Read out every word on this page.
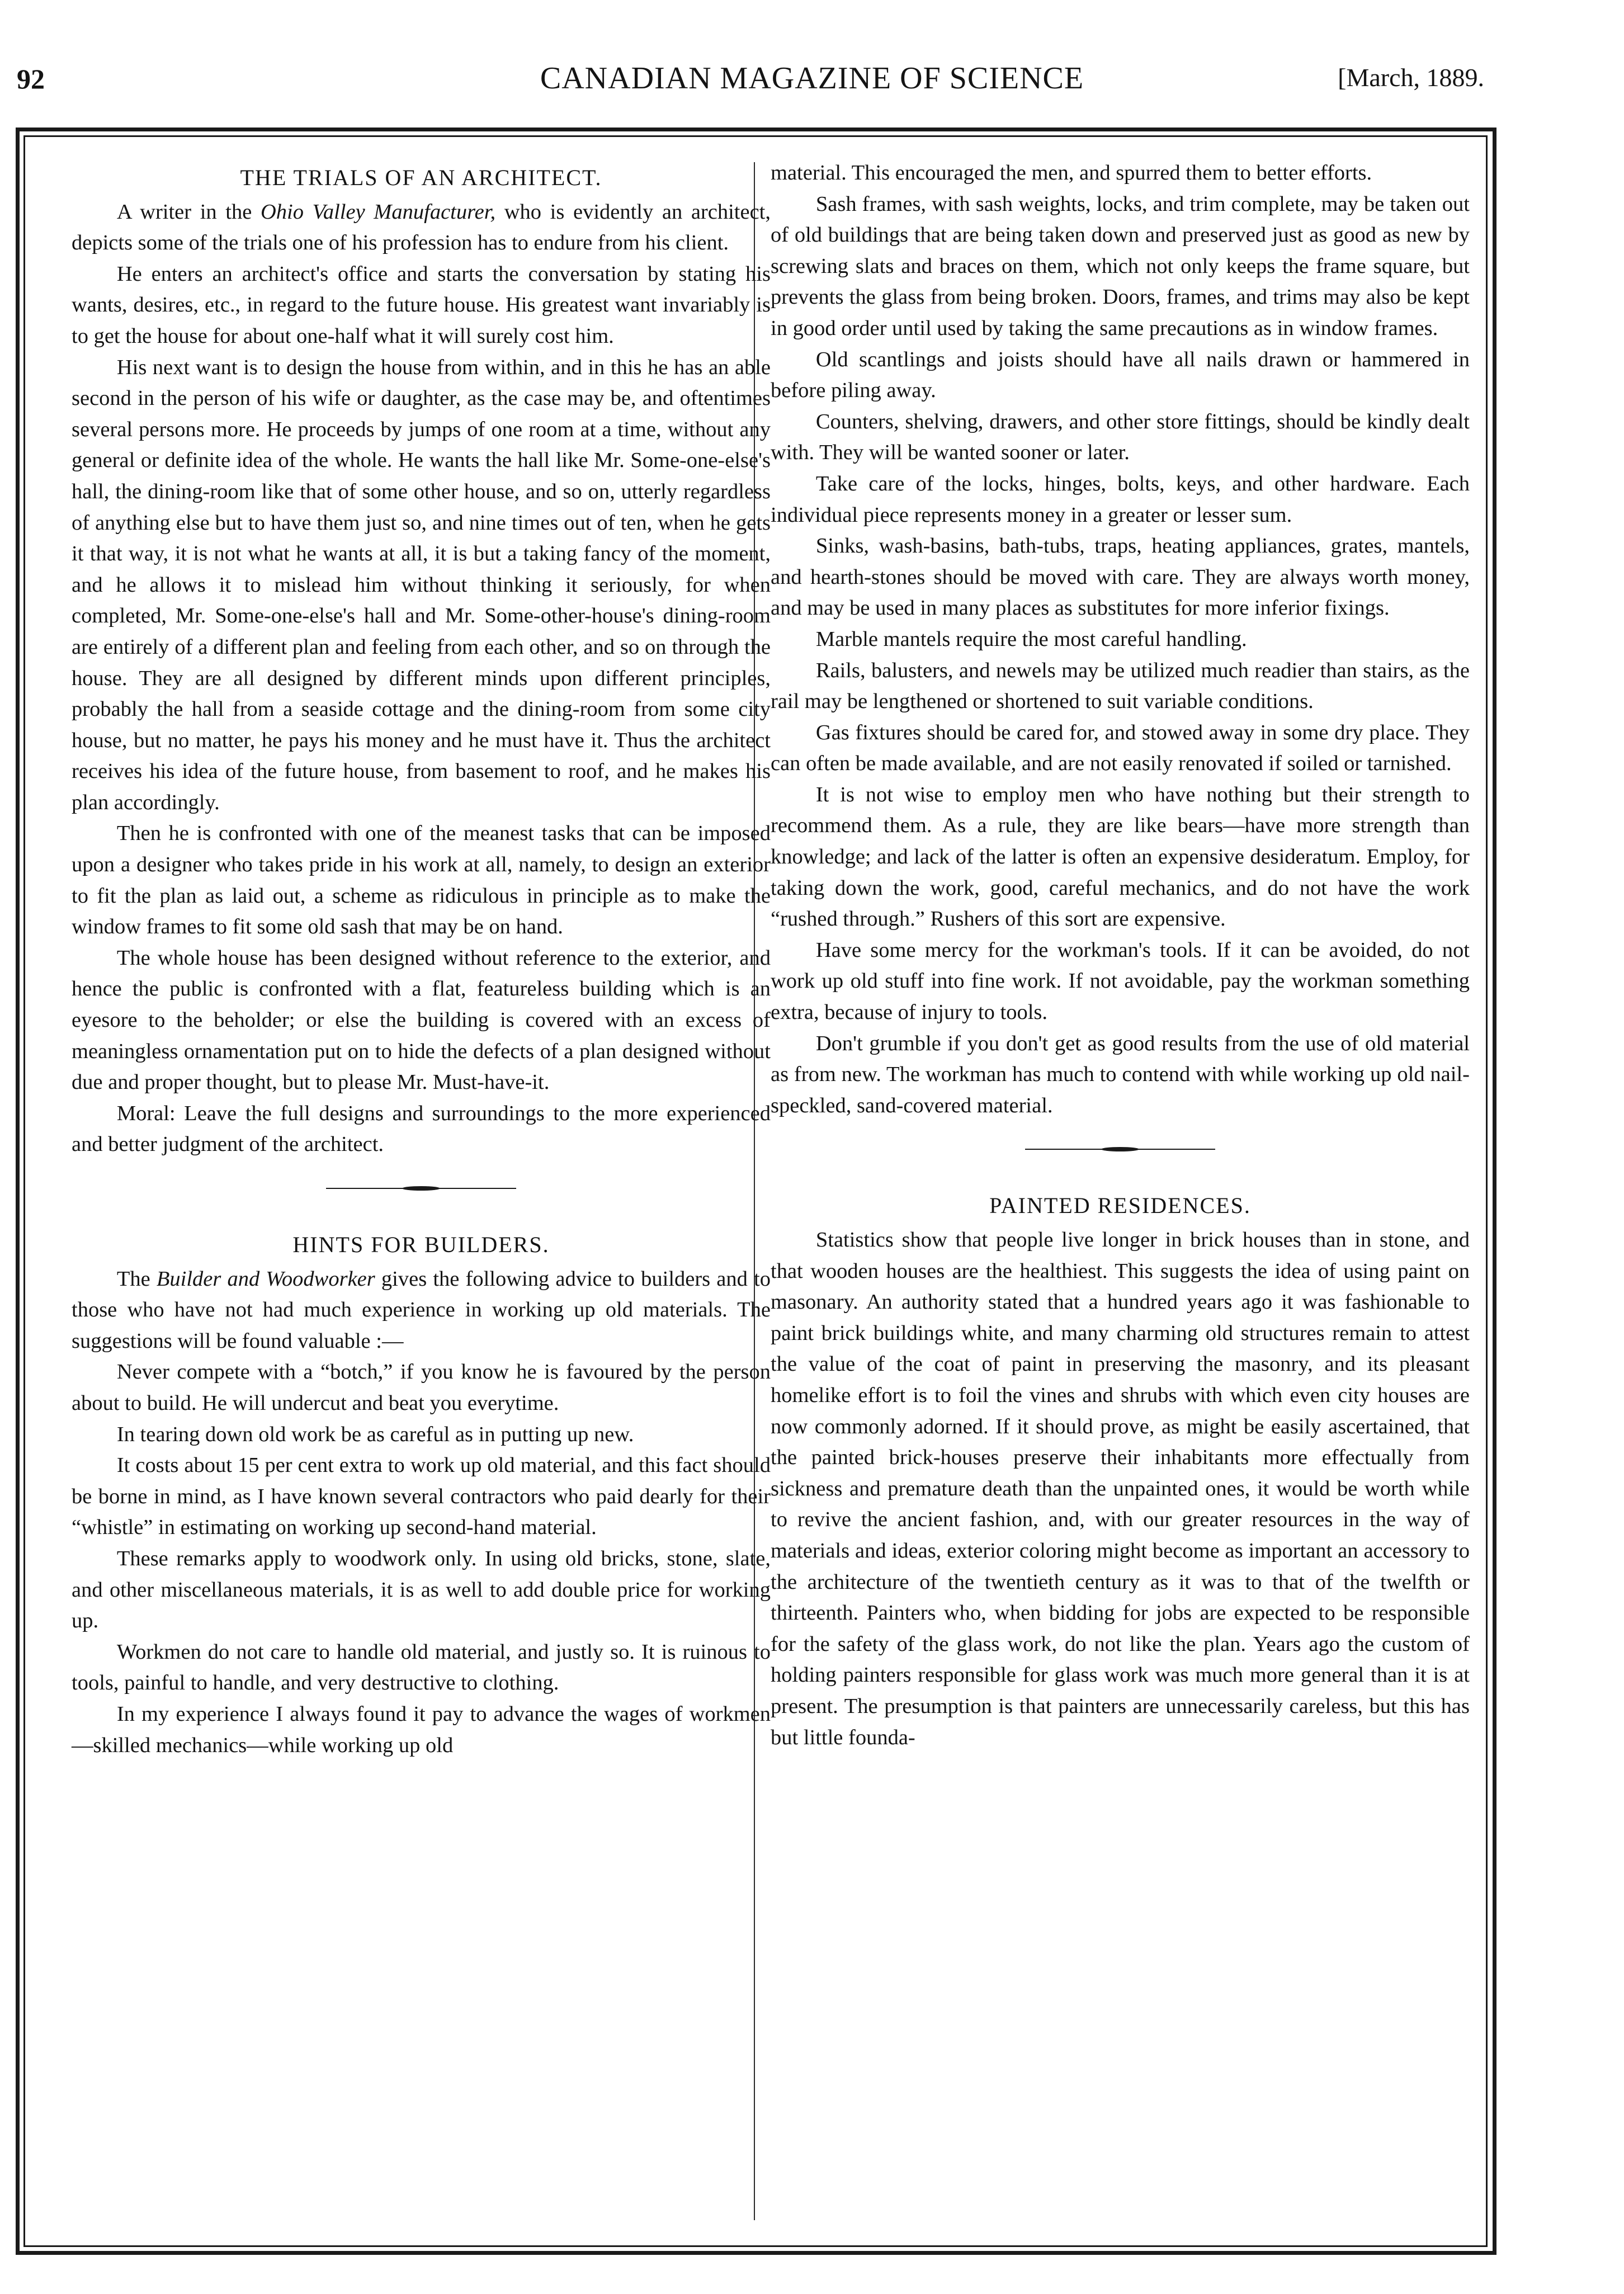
92	CANADIAN MAGAZINE OF SCIENCE	[March, 1889.
THE TRIALS OF AN ARCHITECT.

A writer in the Ohio Valley Manufacturer, who is evidently an architect, depicts some of the trials one of his profession has to endure from his client.

He enters an architect's office and starts the conversation by stating his wants, desires, etc., in regard to the future house. His greatest want invariably is to get the house for about one-half what it will surely cost him.

His next want is to design the house from within, and in this he has an able second in the person of his wife or daughter, as the case may be, and oftentimes several persons more. He proceeds by jumps of one room at a time, without any general or definite idea of the whole. He wants the hall like Mr. Some-one-else's hall, the dining-room like that of some other house, and so on, utterly regardless of anything else but to have them just so, and nine times out of ten, when he gets it that way, it is not what he wants at all, it is but a taking fancy of the moment, and he allows it to mislead him without thinking it seriously, for when completed, Mr. Some-one-else's hall and Mr. Some-other-house's dining-room are entirely of a different plan and feeling from each other, and so on through the house. They are all designed by different minds upon different principles, probably the hall from a seaside cottage and the dining-room from some city house, but no matter, he pays his money and he must have it. Thus the architect receives his idea of the future house, from basement to roof, and he makes his plan accordingly.

Then he is confronted with one of the meanest tasks that can be imposed upon a designer who takes pride in his work at all, namely, to design an exterior to fit the plan as laid out, a scheme as ridiculous in principle as to make the window frames to fit some old sash that may be on hand.

The whole house has been designed without reference to the exterior, and hence the public is confronted with a flat, featureless building which is an eyesore to the beholder; or else the building is covered with an excess of meaningless ornamentation put on to hide the defects of a plan designed without due and proper thought, but to please Mr. Must-have-it.

Moral: Leave the full designs and surroundings to the more experienced and better judgment of the architect.

HINTS FOR BUILDERS.

The Builder and Woodworker gives the following advice to builders and to those who have not had much experience in working up old materials. The suggestions will be found valuable :—

Never compete with a “botch,” if you know he is favoured by the person about to build. He will undercut and beat you everytime.

In tearing down old work be as careful as in putting up new.

It costs about 15 per cent extra to work up old material, and this fact should be borne in mind, as I have known several contractors who paid dearly for their “whistle” in estimating on working up second-hand material.

These remarks apply to woodwork only. In using old bricks, stone, slate, and other miscellaneous materials, it is as well to add double price for working up.

Workmen do not care to handle old material, and justly so. It is ruinous to tools, painful to handle, and very destructive to clothing.

In my experience I always found it pay to advance the wages of workmen—skilled mechanics—while working up old

material. This encouraged the men, and spurred them to better efforts.

Sash frames, with sash weights, locks, and trim complete, may be taken out of old buildings that are being taken down and preserved just as good as new by screwing slats and braces on them, which not only keeps the frame square, but prevents the glass from being broken. Doors, frames, and trims may also be kept in good order until used by taking the same precautions as in window frames.

Old scantlings and joists should have all nails drawn or hammered in before piling away.

Counters, shelving, drawers, and other store fittings, should be kindly dealt with. They will be wanted sooner or later.

Take care of the locks, hinges, bolts, keys, and other hardware. Each individual piece represents money in a greater or lesser sum.

Sinks, wash-basins, bath-tubs, traps, heating appliances, grates, mantels, and hearth-stones should be moved with care. They are always worth money, and may be used in many places as substitutes for more inferior fixings.

Marble mantels require the most careful handling.

Rails, balusters, and newels may be utilized much readier than stairs, as the rail may be lengthened or shortened to suit variable conditions.

Gas fixtures should be cared for, and stowed away in some dry place. They can often be made available, and are not easily renovated if soiled or tarnished.

It is not wise to employ men who have nothing but their strength to recommend them. As a rule, they are like bears—have more strength than knowledge; and lack of the latter is often an expensive desideratum. Employ, for taking down the work, good, careful mechanics, and do not have the work “rushed through.” Rushers of this sort are expensive.

Have some mercy for the workman's tools. If it can be avoided, do not work up old stuff into fine work. If not avoidable, pay the workman something extra, because of injury to tools.

Don't grumble if you don't get as good results from the use of old material as from new. The workman has much to contend with while working up old nail-speckled, sand-covered material.

PAINTED RESIDENCES.

Statistics show that people live longer in brick houses than in stone, and that wooden houses are the healthiest. This suggests the idea of using paint on masonary. An authority stated that a hundred years ago it was fashionable to paint brick buildings white, and many charming old structures remain to attest the value of the coat of paint in preserving the masonry, and its pleasant homelike effort is to foil the vines and shrubs with which even city houses are now commonly adorned. If it should prove, as might be easily ascertained, that the painted brick-houses preserve their inhabitants more effectually from sickness and premature death than the unpainted ones, it would be worth while to revive the ancient fashion, and, with our greater resources in the way of materials and ideas, exterior coloring might become as important an accessory to the architecture of the twentieth century as it was to that of the twelfth or thirteenth. Painters who, when bidding for jobs are expected to be responsible for the safety of the glass work, do not like the plan. Years ago the custom of holding painters responsible for glass work was much more general than it is at present. The presumption is that painters are unnecessarily careless, but this has but little founda-
